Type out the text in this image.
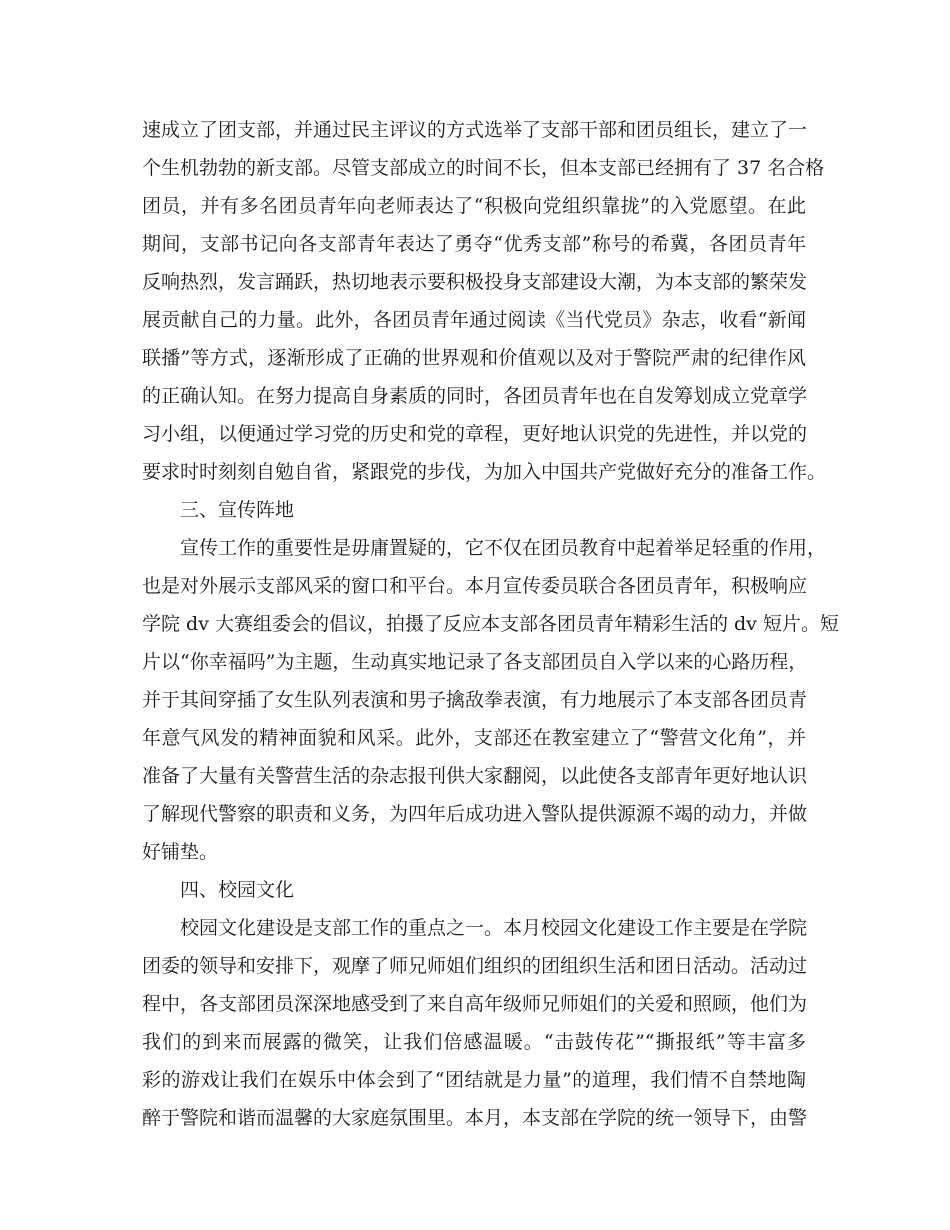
速成立了团支部，并通过民主评议的方式选举了支部干部和团员组长，建立了一
个生机勃勃的新支部。尽管支部成立的时间不长，但本支部已经拥有了 37 名合格
团员，并有多名团员青年向老师表达了“积极向党组织靠拢”的入党愿望。在此
期间，支部书记向各支部青年表达了勇夺“优秀支部”称号的希冀，各团员青年
反响热烈，发言踊跃，热切地表示要积极投身支部建设大潮，为本支部的繁荣发
展贡献自己的力量。此外，各团员青年通过阅读《当代党员》杂志，收看“新闻
联播”等方式，逐渐形成了正确的世界观和价值观以及对于警院严肃的纪律作风
的正确认知。在努力提高自身素质的同时，各团员青年也在自发筹划成立党章学
习小组，以便通过学习党的历史和党的章程，更好地认识党的先进性，并以党的
要求时时刻刻自勉自省，紧跟党的步伐，为加入中国共产党做好充分的准备工作。
三、宣传阵地
宣传工作的重要性是毋庸置疑的，它不仅在团员教育中起着举足轻重的作用，
也是对外展示支部风采的窗口和平台。本月宣传委员联合各团员青年，积极响应
学院 dv 大赛组委会的倡议，拍摄了反应本支部各团员青年精彩生活的 dv 短片。短
片以“你幸福吗”为主题，生动真实地记录了各支部团员自入学以来的心路历程，
并于其间穿插了女生队列表演和男子擒敌拳表演，有力地展示了本支部各团员青
年意气风发的精神面貌和风采。此外，支部还在教室建立了“警营文化角”，并
准备了大量有关警营生活的杂志报刊供大家翻阅，以此使各支部青年更好地认识
了解现代警察的职责和义务，为四年后成功进入警队提供源源不竭的动力，并做
好铺垫。
四、校园文化
校园文化建设是支部工作的重点之一。本月校园文化建设工作主要是在学院
团委的领导和安排下，观摩了师兄师姐们组织的团组织生活和团日活动。活动过
程中，各支部团员深深地感受到了来自高年级师兄师姐们的关爱和照顾，他们为
我们的到来而展露的微笑，让我们倍感温暖。“击鼓传花”“撕报纸”等丰富多
彩的游戏让我们在娱乐中体会到了“团结就是力量”的道理，我们情不自禁地陶
醉于警院和谐而温馨的大家庭氛围里。本月，本支部在学院的统一领导下，由警
